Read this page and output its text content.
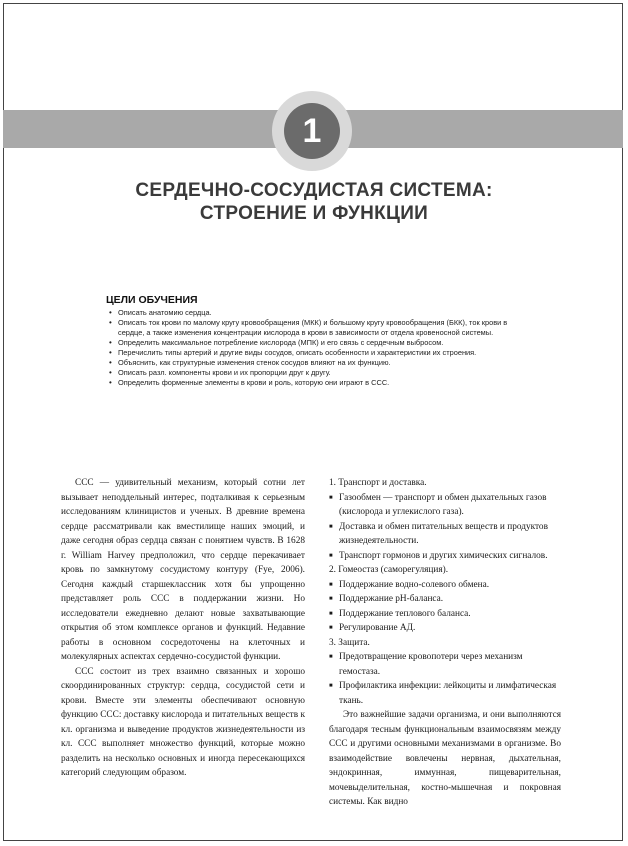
1
СЕРДЕЧНО-СОСУДИСТАЯ СИСТЕМА:
СТРОЕНИЕ И ФУНКЦИИ
ЦЕЛИ ОБУЧЕНИЯ
• Описать анатомию сердца.
• Описать ток крови по малому кругу кровообращения (МКК) и большому кругу кровообращения (БКК), ток крови в сердце, а также изменения концентрации кислорода в крови в зависимости от отдела кровеносной системы.
• Определить максимальное потребление кислорода (МПК) и его связь с сердечным выбросом.
• Перечислить типы артерий и другие виды сосудов, описать особенности и характеристики их строения.
• Объяснить, как структурные изменения стенок сосудов влияют на их функцию.
• Описать разл. компоненты крови и их пропорции друг к другу.
• Определить форменные элементы в крови и роль, которую они играют в ССС.

ССС — удивительный механизм, который сотни лет вызывает неподдельный интерес, подталкивая к серьезным исследованиям клиницистов и ученых. В древние времена сердце рассматривали как вместилище наших эмоций, и даже сегодня образ сердца связан с понятием чувств. В 1628 г. William Harvey предположил, что сердце перекачивает кровь по замкнутому сосудистому контуру (Fye, 2006). Сегодня каждый старшеклассник хотя бы упрощенно представляет роль ССС в поддержании жизни. Но исследователи ежедневно делают новые захватывающие открытия об этом комплексе органов и функций. Недавние работы в основном сосредоточены на клеточных и молекулярных аспектах сердечно-сосудистой функции.

ССС состоит из трех взаимно связанных и хорошо скоординированных структур: сердца, сосудистой сети и крови. Вместе эти элементы обеспечивают основную функцию ССС: доставку кислорода и питательных веществ к кл. организма и выведение продуктов жизнедеятельности из кл. ССС выполняет множество функций, которые можно разделить на несколько основных и иногда пересекающихся категорий следующим образом.

1. Транспорт и доставка.
■ Газообмен — транспорт и обмен дыхательных газов (кислорода и углекислого газа).
■ Доставка и обмен питательных веществ и продуктов жизнедеятельности.
■ Транспорт гормонов и других химических сигналов.
2. Гомеостаз (саморегуляция).
■ Поддержание водно-солевого обмена.
■ Поддержание pH-баланса.
■ Поддержание теплового баланса.
■ Регулирование АД.
3. Защита.
■ Предотвращение кровопотери через механизм гемостаза.
■ Профилактика инфекции: лейкоциты и лимфатическая ткань.

Это важнейшие задачи организма, и они выполняются благодаря тесным функциональным взаимосвязям между ССС и другими основными механизмами в организме. Во взаимодействие вовлечены нервная, дыхательная, эндокринная, иммунная, пищеварительная, мочевыделительная, костно-мышечная и покровная системы. Как видно
